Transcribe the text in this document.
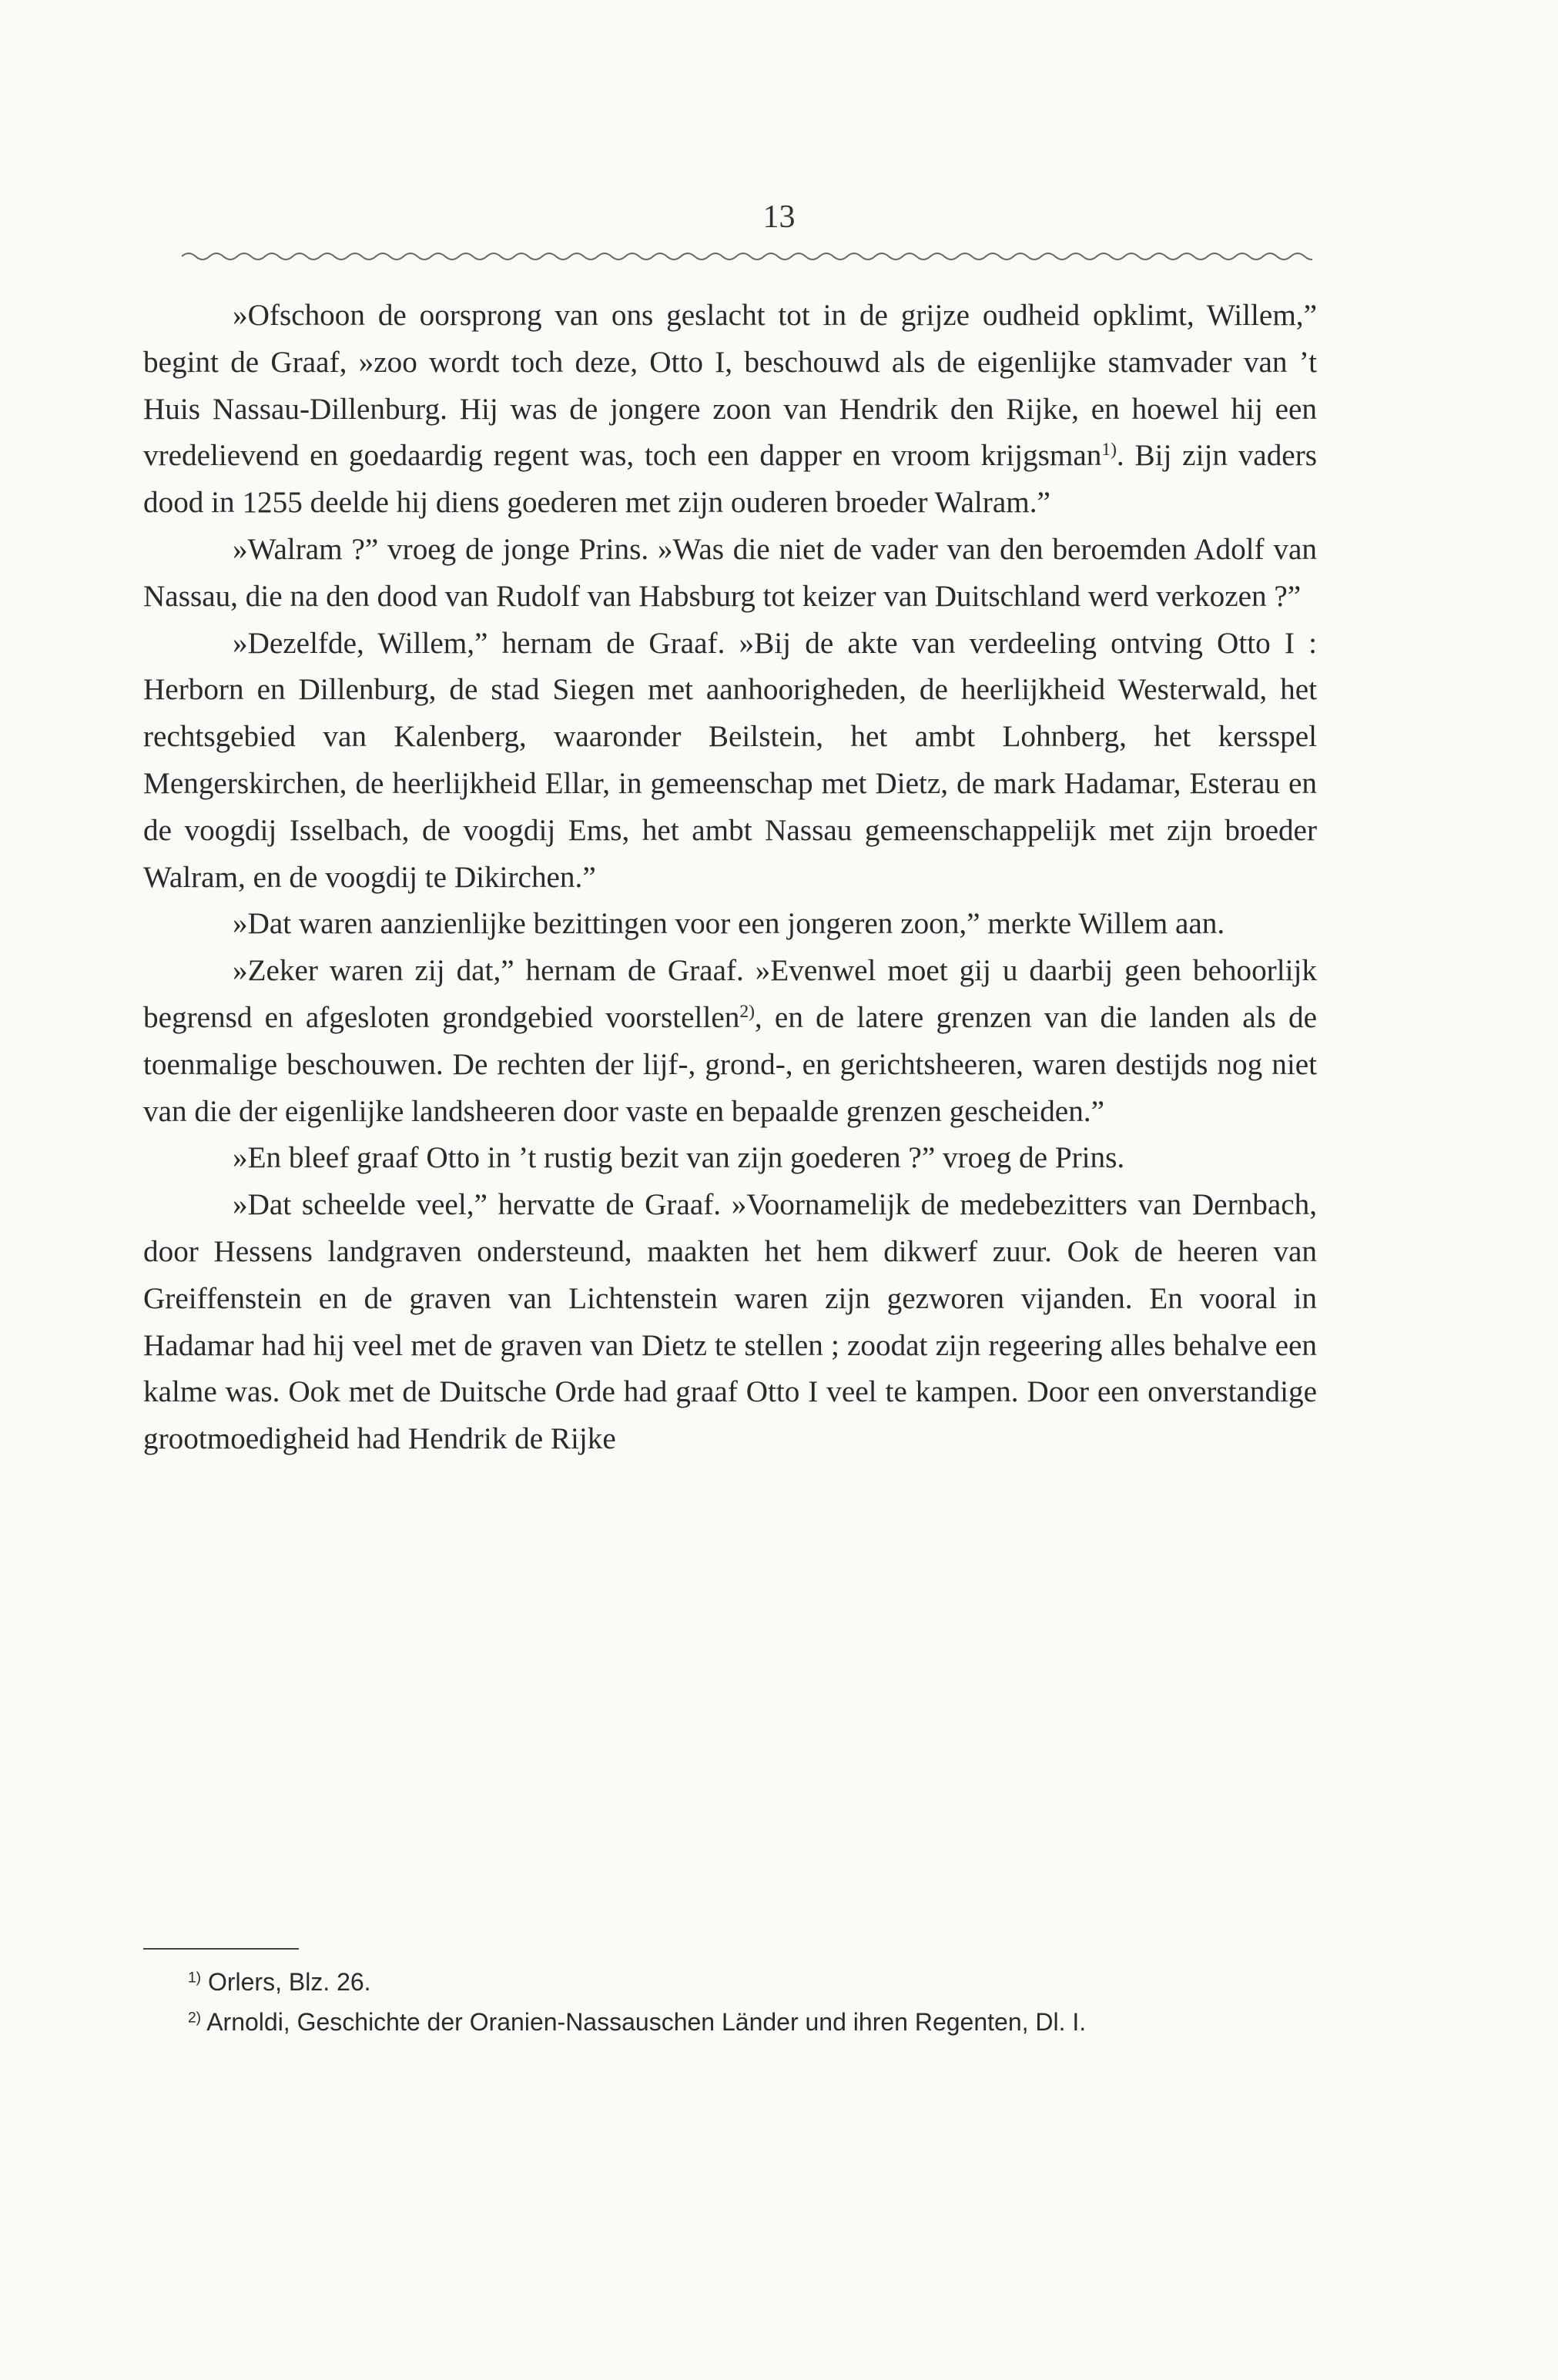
13

»Ofschoon de oorsprong van ons geslacht tot in de grijze oudheid opklimt, Willem,” begint de Graaf, »zoo wordt toch deze, Otto I, beschouwd als de eigenlijke stamvader van ’t Huis Nassau-Dillenburg. Hij was de jongere zoon van Hendrik den Rijke, en hoewel hij een vredelievend en goedaardig regent was, toch een dapper en vroom krijgsman$^{1)}$. Bij zijn vaders dood in 1255 deelde hij diens goederen met zijn ouderen broeder Walram.”

»Walram ?” vroeg de jonge Prins. »Was die niet de vader van den beroemden Adolf van Nassau, die na den dood van Rudolf van Habsburg tot keizer van Duitschland werd verkozen ?”

»Dezelfde, Willem,” hernam de Graaf. »Bij de akte van verdeeling ontving Otto I : Herborn en Dillenburg, de stad Siegen met aanhoorigheden, de heerlijkheid Westerwald, het rechtsgebied van Kalenberg, waaronder Beilstein, het ambt Lohnberg, het kersspel Mengerskirchen, de heerlijkheid Ellar, in gemeenschap met Dietz, de mark Hadamar, Esterau en de voogdij Isselbach, de voogdij Ems, het ambt Nassau gemeenschappelijk met zijn broeder Walram, en de voogdij te Dikirchen.”

»Dat waren aanzienlijke bezittingen voor een jongeren zoon,” merkte Willem aan.

»Zeker waren zij dat,” hernam de Graaf. »Evenwel moet gij u daarbij geen behoorlijk begrensd en afgesloten grondgebied voorstellen$^{2)}$, en de latere grenzen van die landen als de toenmalige beschouwen. De rechten der lijf-, grond-, en gerichtsheeren, waren destijds nog niet van die der eigenlijke landsheeren door vaste en bepaalde grenzen gescheiden.”

»En bleef graaf Otto in ’t rustig bezit van zijn goederen ?” vroeg de Prins.

»Dat scheelde veel,” hervatte de Graaf. »Voornamelijk de medebezitters van Dernbach, door Hessens landgraven ondersteund, maakten het hem dikwerf zuur. Ook de heeren van Greiffenstein en de graven van Lichtenstein waren zijn gezworen vijanden. En vooral in Hadamar had hij veel met de graven van Dietz te stellen ; zoodat zijn regeering alles behalve een kalme was. Ook met de Duitsche Orde had graaf Otto I veel te kampen. Door een onverstandige grootmoedigheid had Hendrik de Rijke

$^{1)}$ Orlers, Blz. 26.

$^{2)}$ Arnoldi, Geschichte der Oranien-Nassauschen Länder und ihren Regenten, Dl. I.
